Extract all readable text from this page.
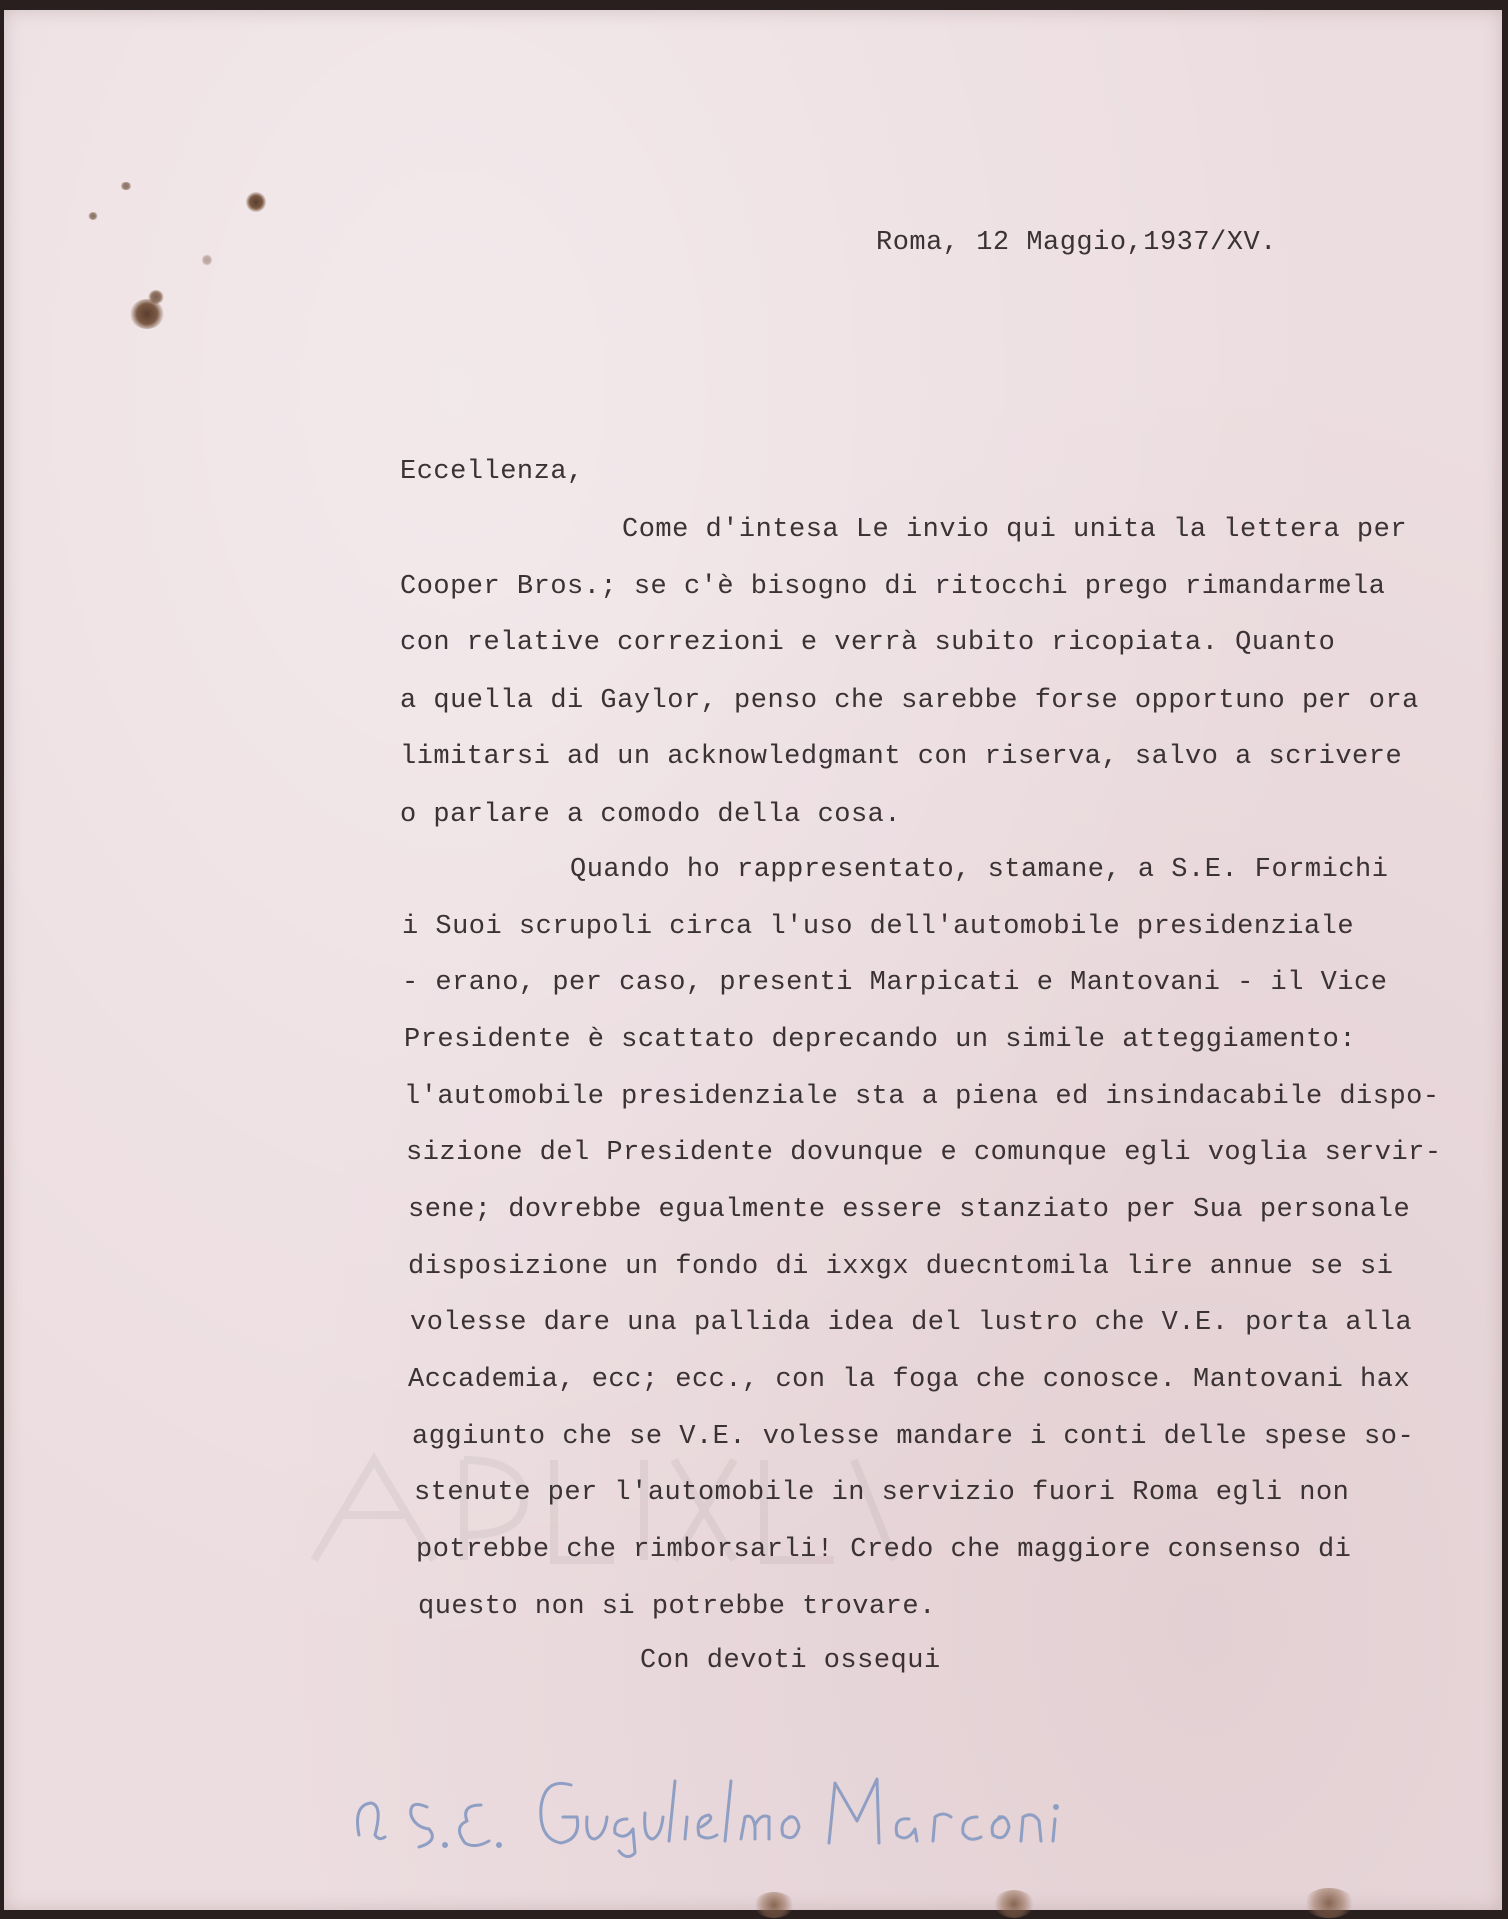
Roma, 12 Maggio,1937/XV.
Eccellenza,
Come d'intesa Le invio qui unita la lettera per
Cooper Bros.; se c'è bisogno di ritocchi prego rimandarmela
con relative correzioni e verrà subito ricopiata. Quanto
a quella di Gaylor, penso che sarebbe forse opportuno per ora
limitarsi ad un acknowledgmant con riserva, salvo a scrivere
o parlare a comodo della cosa.
Quando ho rappresentato, stamane, a S.E. Formichi
i Suoi scrupoli circa l'uso dell'automobile presidenziale
- erano, per caso, presenti Marpicati e Mantovani - il Vice
Presidente è scattato deprecando un simile atteggiamento:
l'automobile presidenziale sta a piena ed insindacabile dispo-
sizione del Presidente dovunque e comunque egli voglia servir-
sene; dovrebbe egualmente essere stanziato per Sua personale
disposizione un fondo di ixxgx duecntomila lire annue se si
volesse dare una pallida idea del lustro che V.E. porta alla
Accademia, ecc; ecc., con la foga che conosce. Mantovani hax
aggiunto che se V.E. volesse mandare i conti delle spese so-
stenute per l'automobile in servizio fuori Roma egli non
potrebbe che rimborsarli! Credo che maggiore consenso di
questo non si potrebbe trovare.
Con devoti ossequi
